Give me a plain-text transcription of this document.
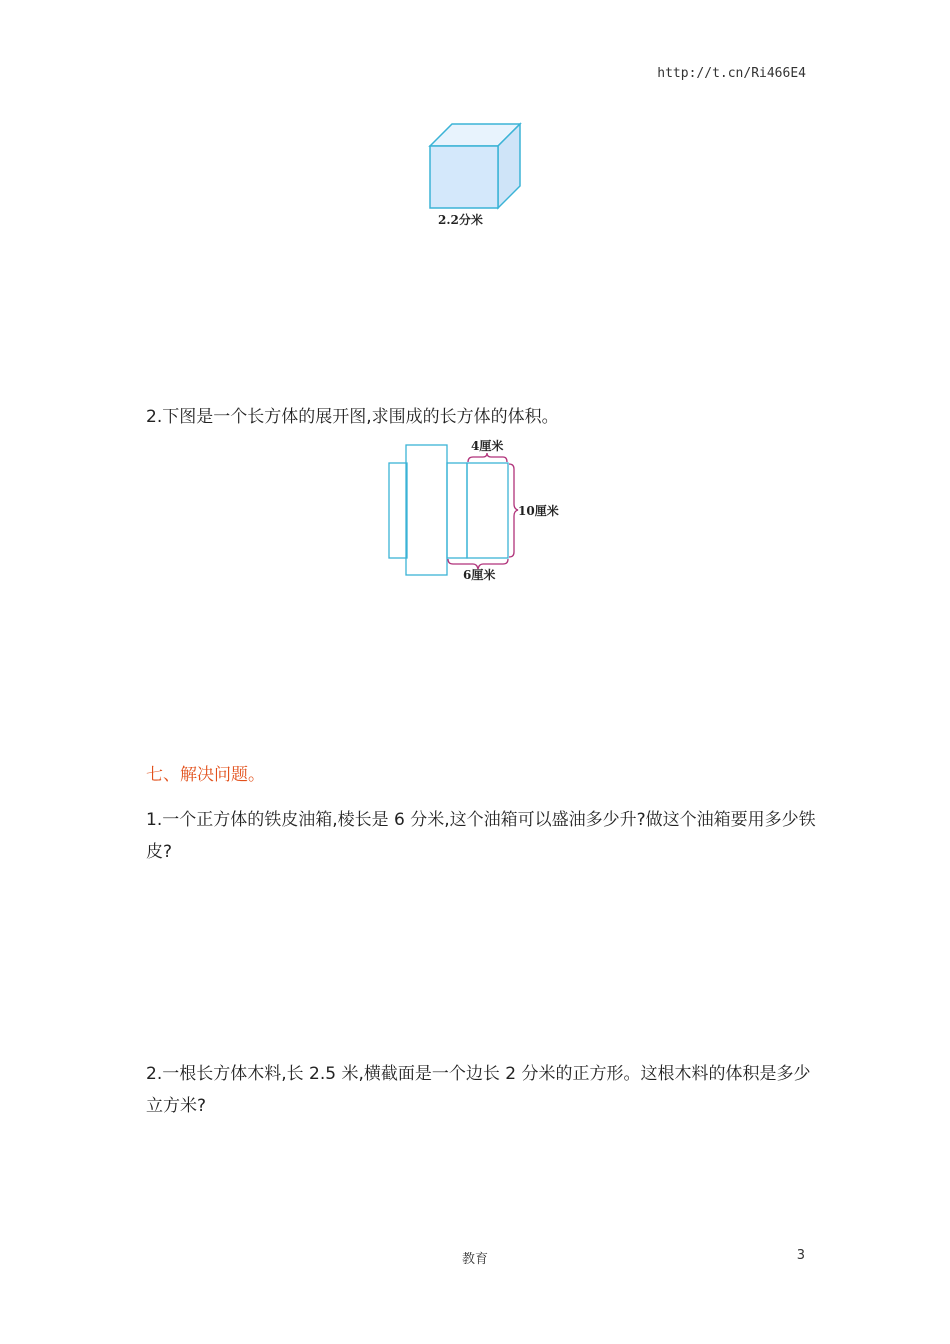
http://t.cn/Ri466E4
2.2分米
2.下图是一个长方体的展开图,求围成的长方体的体积。
4厘米
10厘米
6厘米
七、解决问题。
1.一个正方体的铁皮油箱,棱长是 6 分米,这个油箱可以盛油多少升?做这个油箱要用多少铁皮?
2.一根长方体木料,长 2.5 米,横截面是一个边长 2 分米的正方形。这根木料的体积是多少立方米?
教育	3
